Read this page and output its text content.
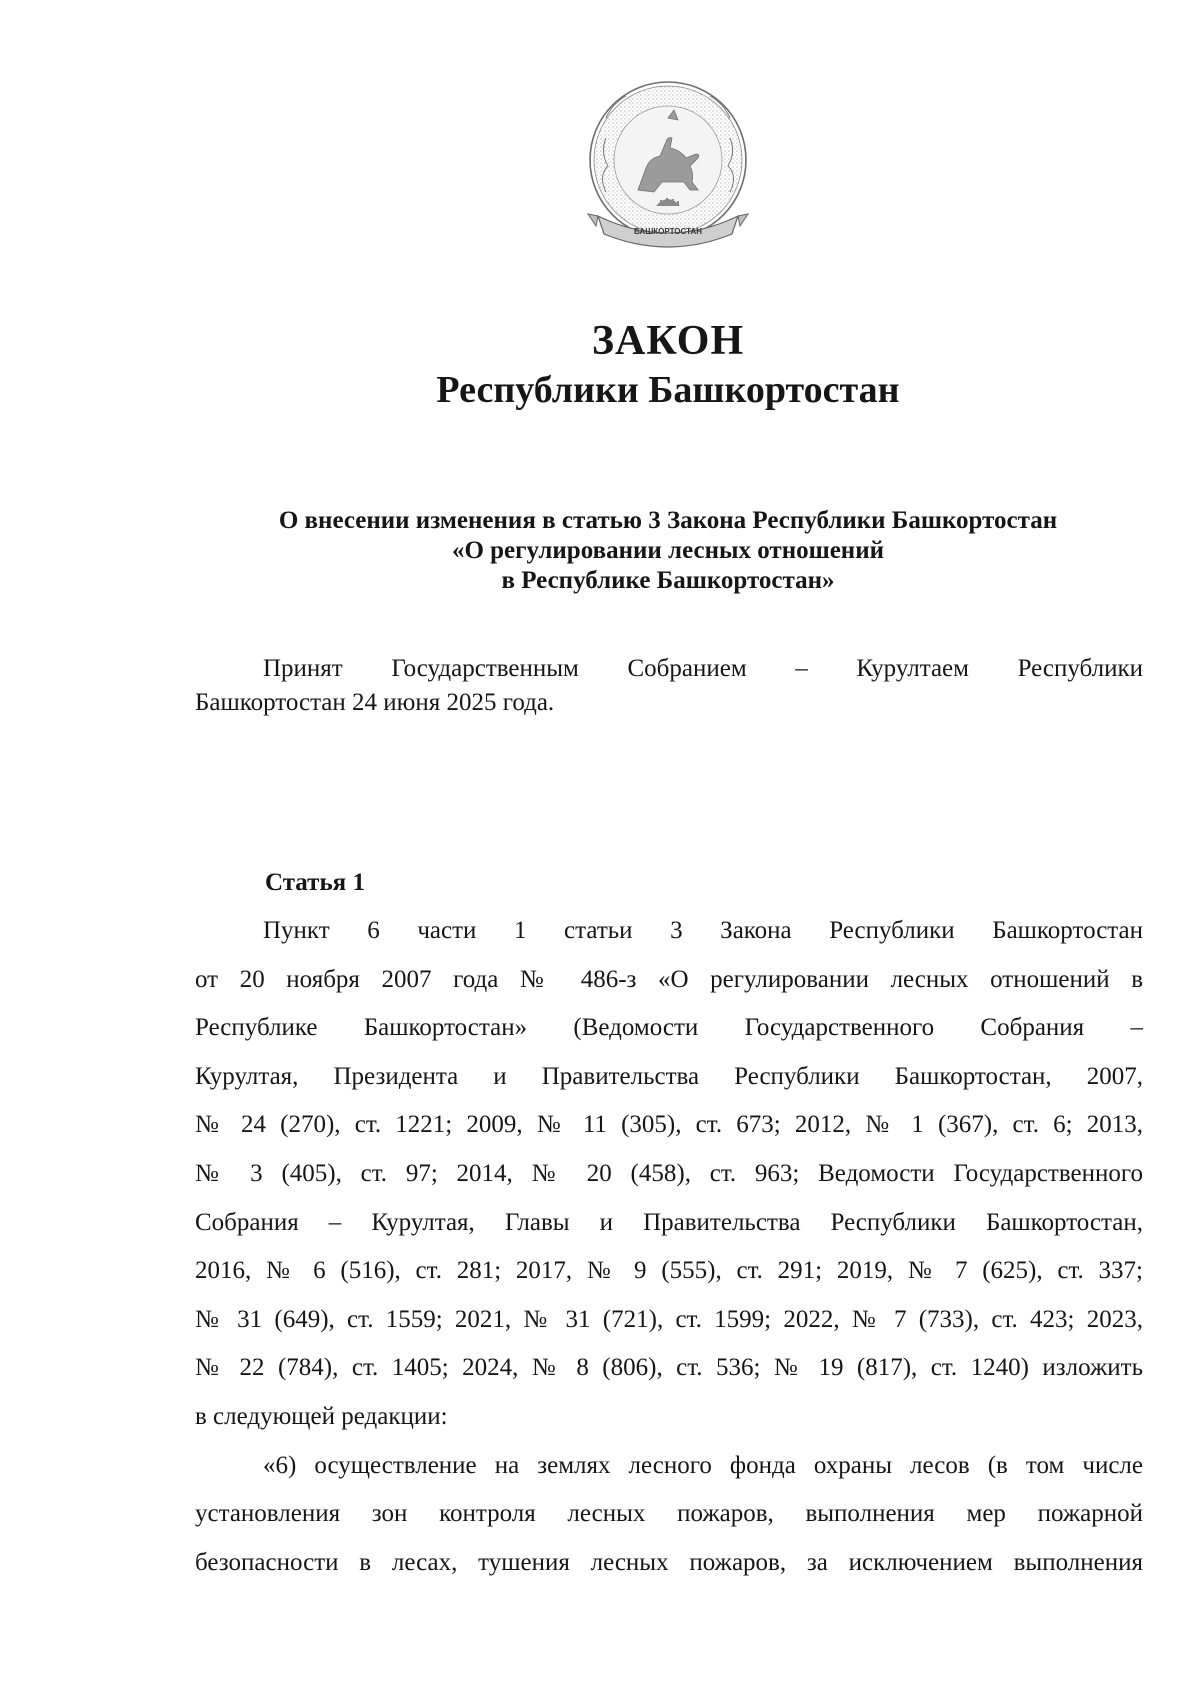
БАШКОРТОСТАН
ЗАКОН
Республики Башкортостан
О внесении изменения в статью 3 Закона Республики Башкортостан
«О регулировании лесных отношений
в Республике Башкортостан»
Принят Государственным Собранием – Курултаем Республики
Башкортостан 24 июня 2025 года.
Статья 1
Пункт 6 части 1 статьи 3 Закона Республики Башкортостан
от 20 ноября 2007 года № 486-з «О регулировании лесных отношений в
Республике Башкортостан» (Ведомости Государственного Собрания –
Курултая, Президента и Правительства Республики Башкортостан, 2007,
№ 24 (270), ст. 1221; 2009, № 11 (305), ст. 673; 2012, № 1 (367), ст. 6; 2013,
№ 3 (405), ст. 97; 2014, № 20 (458), ст. 963; Ведомости Государственного
Собрания – Курултая, Главы и Правительства Республики Башкортостан,
2016, № 6 (516), ст. 281; 2017, № 9 (555), ст. 291; 2019, № 7 (625), ст. 337;
№ 31 (649), ст. 1559; 2021, № 31 (721), ст. 1599; 2022, № 7 (733), ст. 423; 2023,
№ 22 (784), ст. 1405; 2024, № 8 (806), ст. 536; № 19 (817), ст. 1240) изложить
в следующей редакции:
«6) осуществление на землях лесного фонда охраны лесов (в том числе
установления зон контроля лесных пожаров, выполнения мер пожарной
безопасности в лесах, тушения лесных пожаров, за исключением выполнения
